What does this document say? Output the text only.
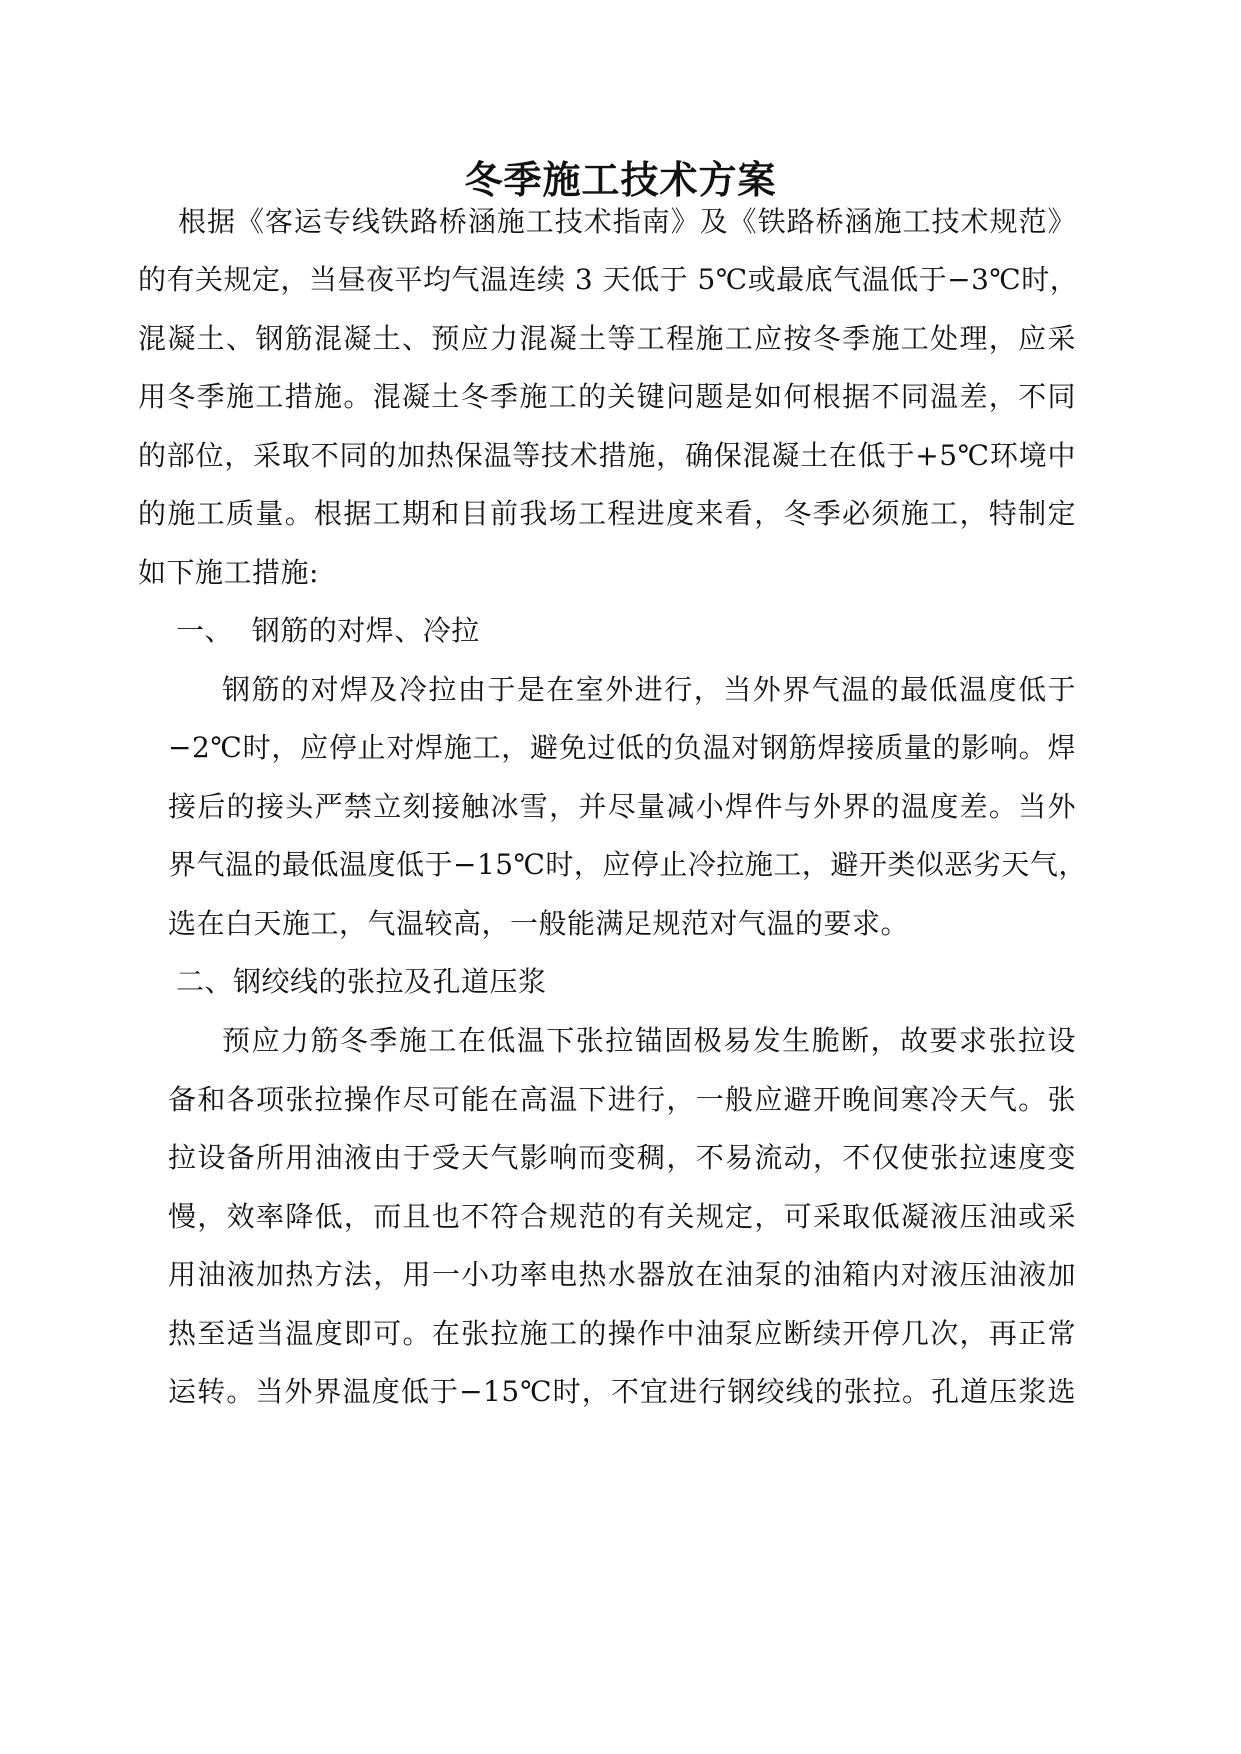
冬季施工技术方案
根据《客运专线铁路桥涵施工技术指南》及《铁路桥涵施工技术规范》
的有关规定，当昼夜平均气温连续 3 天低于 5℃或最底气温低于−3℃时，
混凝土、钢筋混凝土、预应力混凝土等工程施工应按冬季施工处理，应采
用冬季施工措施。混凝土冬季施工的关键问题是如何根据不同温差，不同
的部位，采取不同的加热保温等技术措施，确保混凝土在低于+5℃环境中
的施工质量。根据工期和目前我场工程进度来看，冬季必须施工，特制定
如下施工措施:
一、  钢筋的对焊、冷拉
钢筋的对焊及冷拉由于是在室外进行，当外界气温的最低温度低于
−2℃时，应停止对焊施工，避免过低的负温对钢筋焊接质量的影响。焊
接后的接头严禁立刻接触冰雪，并尽量减小焊件与外界的温度差。当外
界气温的最低温度低于−15℃时，应停止冷拉施工，避开类似恶劣天气，
选在白天施工，气温较高，一般能满足规范对气温的要求。
二、钢绞线的张拉及孔道压浆
预应力筋冬季施工在低温下张拉锚固极易发生脆断，故要求张拉设
备和各项张拉操作尽可能在高温下进行，一般应避开晚间寒冷天气。张
拉设备所用油液由于受天气影响而变稠，不易流动，不仅使张拉速度变
慢，效率降低，而且也不符合规范的有关规定，可采取低凝液压油或采
用油液加热方法，用一小功率电热水器放在油泵的油箱内对液压油液加
热至适当温度即可。在张拉施工的操作中油泵应断续开停几次，再正常
运转。当外界温度低于−15℃时，不宜进行钢绞线的张拉。孔道压浆选
